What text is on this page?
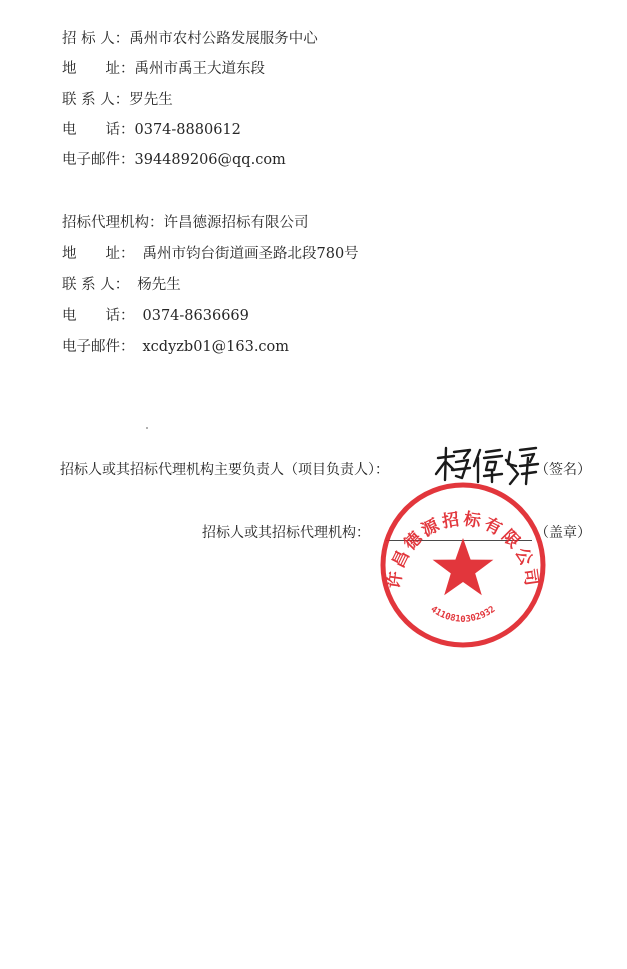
招 标 人：禹州市农村公路发展服务中心
地　　址：禹州市禹王大道东段
联 系 人：罗先生
电　　话：0374-8880612
电子邮件：394489206@qq.com
招标代理机构：许昌德源招标有限公司
地　　址： 禹州市钧台街道画圣路北段780号
联 系 人： 杨先生
电　　话： 0374-8636669
电子邮件： xcdyzb01@163.com
招标人或其招标代理机构主要负责人（项目负责人）：	（签名）
招标人或其招标代理机构：	（盖章）
许昌德源招标有限公司
4110810302932
